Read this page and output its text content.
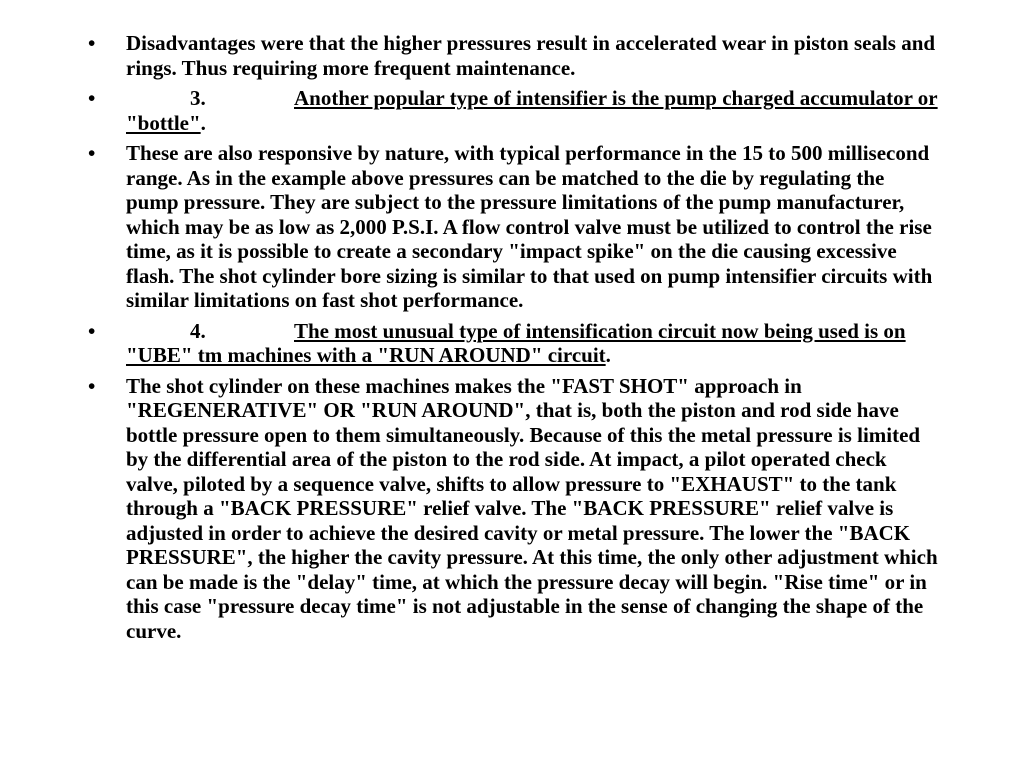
•	Disadvantages were that the higher pressures result in accelerated wear in piston seals and rings. Thus requiring more frequent maintenance.
•	3.	Another popular type of intensifier is the pump charged accumulator or "bottle".
•	These are also responsive by nature, with typical performance in the 15 to 500 millisecond range. As in the example above pressures can be matched to the die by regulating the pump pressure. They are subject to the pressure limitations of the pump manufacturer, which may be as low as 2,000 P.S.I. A flow control valve must be utilized to control the rise time, as it is possible to create a secondary "impact spike" on the die causing excessive flash. The shot cylinder bore sizing is similar to that used on pump intensifier circuits with similar limitations on fast shot performance.
•	4.	The most unusual type of intensification circuit now being used is on "UBE" tm machines with a "RUN AROUND" circuit.
•	The shot cylinder on these machines makes the "FAST SHOT" approach in "REGENERATIVE" OR "RUN AROUND", that is, both the piston and rod side have bottle pressure open to them simultaneously. Because of this the metal pressure is limited by the differential area of the piston to the rod side. At impact, a pilot operated check valve, piloted by a sequence valve, shifts to allow pressure to "EXHAUST" to the tank through a "BACK PRESSURE" relief valve. The "BACK PRESSURE" relief valve is adjusted in order to achieve the desired cavity or metal pressure. The lower the "BACK PRESSURE", the higher the cavity pressure. At this time, the only other adjustment which can be made is the "delay" time, at which the pressure decay will begin. "Rise time" or in this case "pressure decay time" is not adjustable in the sense of changing the shape of the curve.
